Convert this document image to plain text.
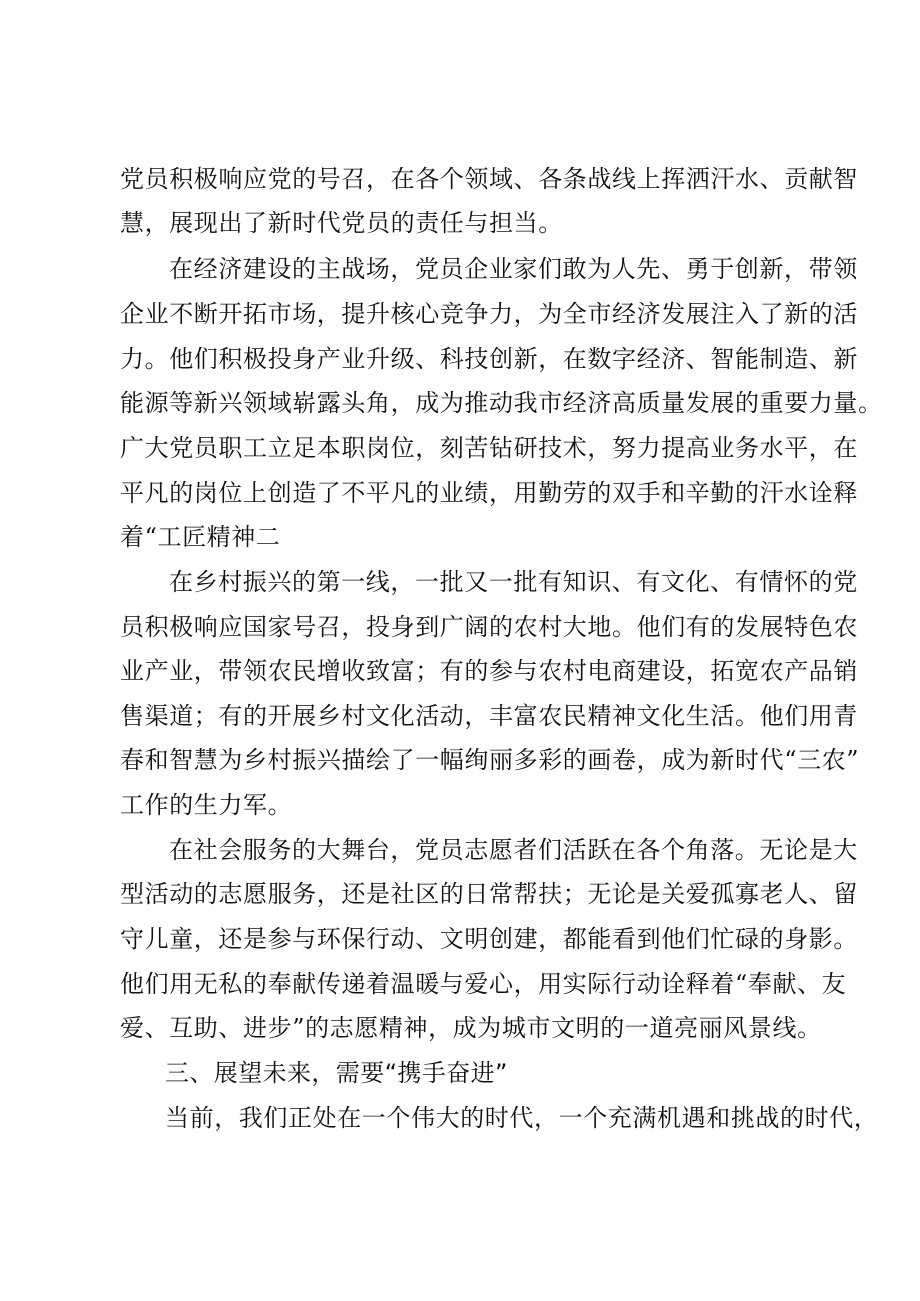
党员积极响应党的号召，在各个领域、各条战线上挥洒汗水、贡献智
慧，展现出了新时代党员的责任与担当。
在经济建设的主战场，党员企业家们敢为人先、勇于创新，带领
企业不断开拓市场，提升核心竞争力，为全市经济发展注入了新的活
力。他们积极投身产业升级、科技创新，在数字经济、智能制造、新
能源等新兴领域崭露头角，成为推动我市经济高质量发展的重要力量。
广大党员职工立足本职岗位，刻苦钻研技术，努力提高业务水平，在
平凡的岗位上创造了不平凡的业绩，用勤劳的双手和辛勤的汗水诠释
着“工匠精神二
在乡村振兴的第一线，一批又一批有知识、有文化、有情怀的党
员积极响应国家号召，投身到广阔的农村大地。他们有的发展特色农
业产业，带领农民增收致富；有的参与农村电商建设，拓宽农产品销
售渠道；有的开展乡村文化活动，丰富农民精神文化生活。他们用青
春和智慧为乡村振兴描绘了一幅绚丽多彩的画卷，成为新时代“三农”
工作的生力军。
在社会服务的大舞台，党员志愿者们活跃在各个角落。无论是大
型活动的志愿服务，还是社区的日常帮扶；无论是关爱孤寡老人、留
守儿童，还是参与环保行动、文明创建，都能看到他们忙碌的身影。
他们用无私的奉献传递着温暖与爱心，用实际行动诠释着“奉献、友
爱、互助、进步”的志愿精神，成为城市文明的一道亮丽风景线。
三、展望未来，需要“携手奋进”
当前，我们正处在一个伟大的时代，一个充满机遇和挑战的时代，
